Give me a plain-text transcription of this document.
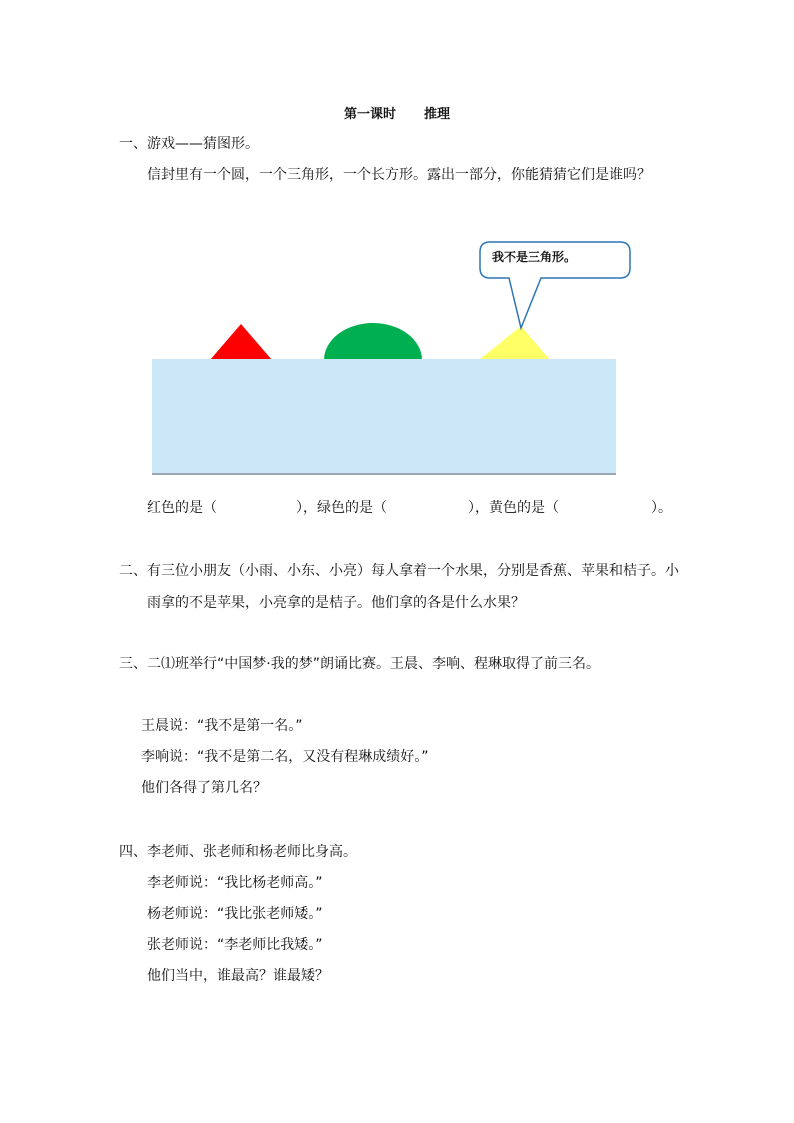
第一课时 推理
一、游戏——猜图形。
信封里有一个圆，一个三角形，一个长方形。露出一部分，你能猜猜它们是谁吗？
我不是三角形。
红色的是（	），绿色的是（	），黄色的是（	）。
二、有三位小朋友（小雨、小东、小亮）每人拿着一个水果，分别是香蕉、苹果和桔子。小
雨拿的不是苹果，小亮拿的是桔子。他们拿的各是什么水果？
三、二⑴班举行“中国梦·我的梦”朗诵比赛。王晨、李响、程琳取得了前三名。
王晨说：“我不是第一名。”
李响说：“我不是第二名，又没有程琳成绩好。”
他们各得了第几名？
四、李老师、张老师和杨老师比身高。
李老师说：“我比杨老师高。”
杨老师说：“我比张老师矮。”
张老师说：“李老师比我矮。”
他们当中，谁最高？谁最矮？
